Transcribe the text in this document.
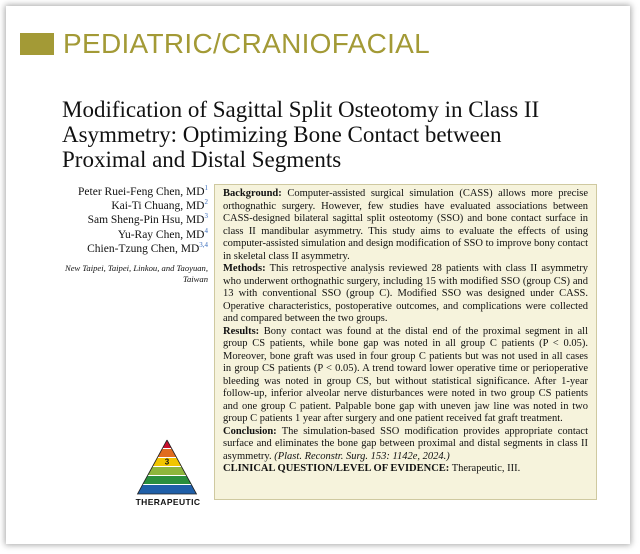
PEDIATRIC/CRANIOFACIAL
Modification of Sagittal Split Osteotomy in Class II Asymmetry: Optimizing Bone Contact between Proximal and Distal Segments
Peter Ruei-Feng Chen, $MD^1$
Kai-Ti Chuang, $MD^2$
Sam Sheng-Pin Hsu, $MD^3$
Yu-Ray Chen, $MD^4$
Chien-Tzung Chen, MD$^{3,4}$
New Taipei, Taipei, Linkou, and Taoyuan, Taiwan

Background: Computer-assisted surgical simulation (CASS) allows more precise orthognathic surgery. However, few studies have evaluated associations between CASS-designed bilateral sagittal split osteotomy (SSO) and bone contact surface in class II mandibular asymmetry. This study aims to evaluate the effects of using computer-assisted simulation and design modification of SSO to improve bony contact in skeletal class II asymmetry.

Methods: This retrospective analysis reviewed 28 patients with class II asymmetry who underwent orthognathic surgery, including 15 with modified SSO (group CS) and 13 with conventional SSO (group C). Modified SSO was designed under CASS. Operative characteristics, postoperative outcomes, and complications were collected and compared between the two groups.

Results: Bony contact was found at the distal end of the proximal segment in all group CS patients, while bone gap was noted in all group C patients (P < 0.05). Moreover, bone graft was used in four group C patients but was not used in all cases in group CS patients (P < 0.05). A trend toward lower operative time or perioperative bleeding was noted in group CS, but without statistical significance. After 1-year follow-up, inferior alveolar nerve disturbances were noted in two group CS patients and one group C patient. Palpable bone gap with uneven jaw line was noted in two group C patients 1 year after surgery and one patient received fat graft treatment.

Conclusion: The simulation-based SSO modification provides appropriate contact surface and eliminates the bone gap between proximal and distal segments in class II asymmetry. (Plast. Reconstr. Surg. 153: 1142e, 2024.)

CLINICAL QUESTION/LEVEL OF EVIDENCE: Therapeutic, III.

3
THERAPEUTIC
